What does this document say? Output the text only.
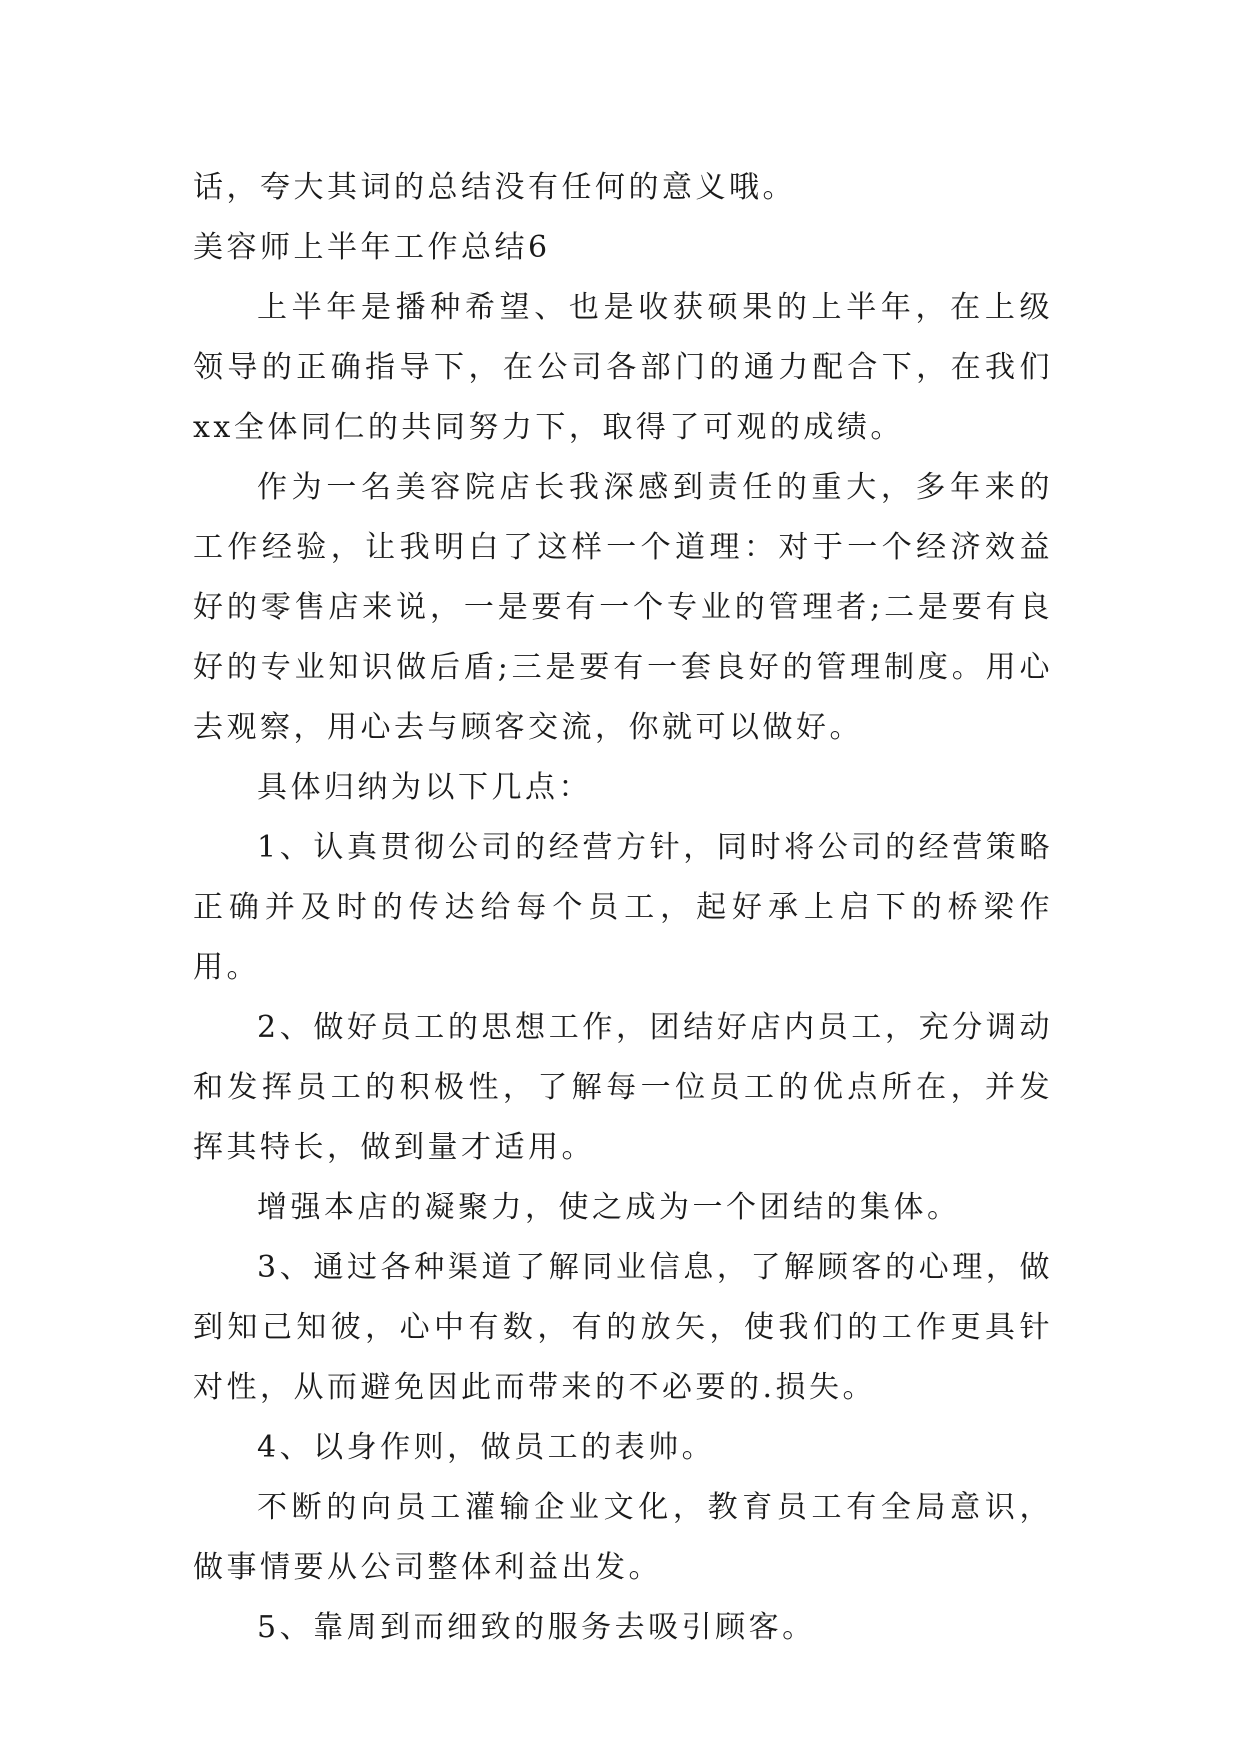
话，夸大其词的总结没有任何的意义哦。

美容师上半年工作总结6

上半年是播种希望、也是收获硕果的上半年，在上级领导的正确指导下，在公司各部门的通力配合下，在我们xx全体同仁的共同努力下，取得了可观的成绩。

作为一名美容院店长我深感到责任的重大，多年来的工作经验，让我明白了这样一个道理：对于一个经济效益好的零售店来说，一是要有一个专业的管理者;二是要有良好的专业知识做后盾;三是要有一套良好的管理制度。用心去观察，用心去与顾客交流，你就可以做好。

具体归纳为以下几点：

1、认真贯彻公司的经营方针，同时将公司的经营策略正确并及时的传达给每个员工，起好承上启下的桥梁作用。

2、做好员工的思想工作，团结好店内员工，充分调动和发挥员工的积极性，了解每一位员工的优点所在，并发挥其特长，做到量才适用。

增强本店的凝聚力，使之成为一个团结的集体。

3、通过各种渠道了解同业信息，了解顾客的心理，做到知己知彼，心中有数，有的放矢，使我们的工作更具针对性，从而避免因此而带来的不必要的.损失。

4、以身作则，做员工的表帅。

不断的向员工灌输企业文化，教育员工有全局意识，做事情要从公司整体利益出发。

5、靠周到而细致的服务去吸引顾客。
